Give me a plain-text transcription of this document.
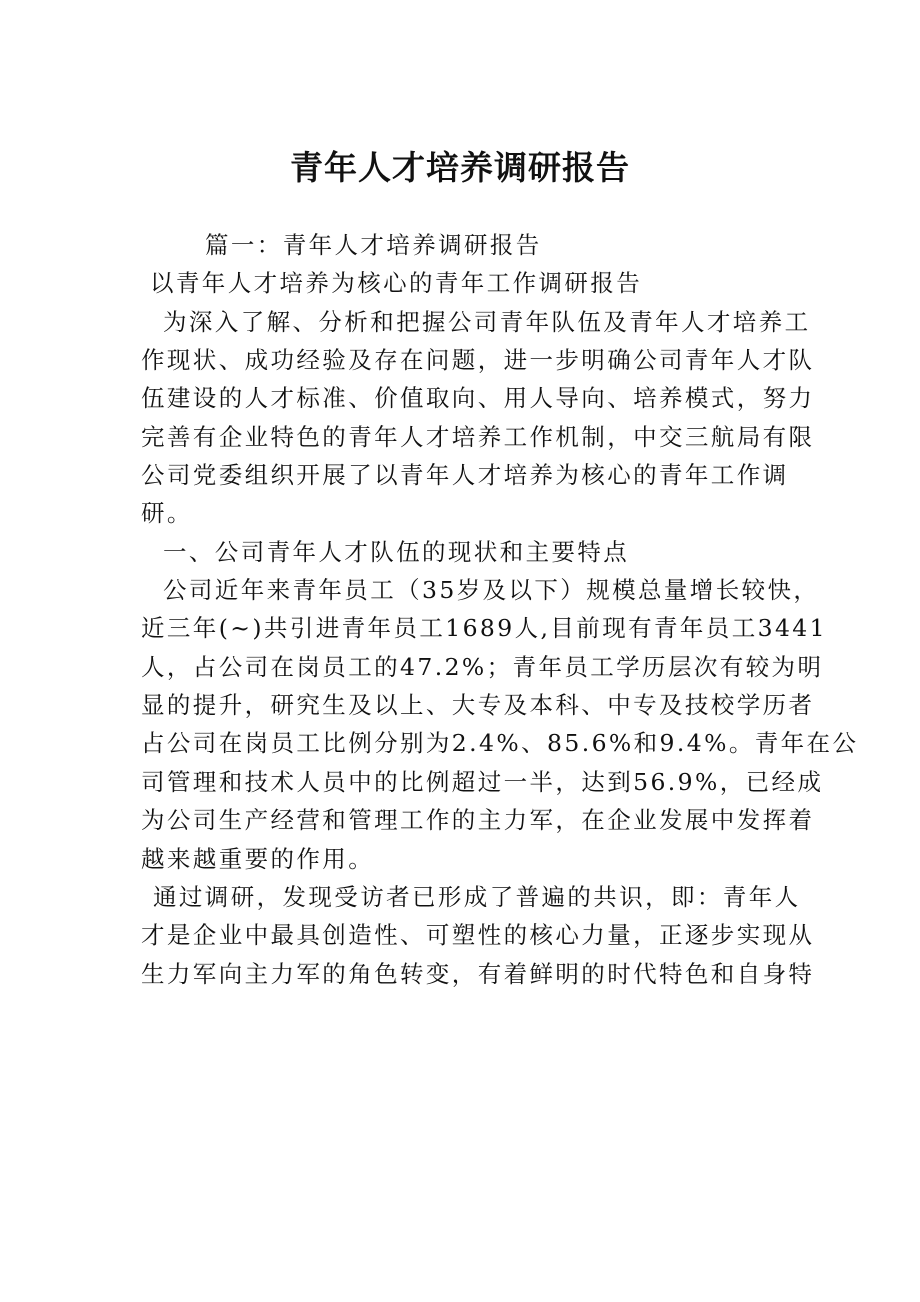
青年人才培养调研报告

篇一：青年人才培养调研报告

以青年人才培养为核心的青年工作调研报告

为深入了解、分析和把握公司青年队伍及青年人才培养工
作现状、成功经验及存在问题，进一步明确公司青年人才队
伍建设的人才标准、价值取向、用人导向、培养模式，努力
完善有企业特色的青年人才培养工作机制，中交三航局有限
公司党委组织开展了以青年人才培养为核心的青年工作调
研。

一、公司青年人才队伍的现状和主要特点

公司近年来青年员工（35岁及以下）规模总量增长较快，
近三年(~)共引进青年员工1689人,目前现有青年员工3441
人，占公司在岗员工的47.2%；青年员工学历层次有较为明
显的提升，研究生及以上、大专及本科、中专及技校学历者
占公司在岗员工比例分别为2.4%、85.6%和9.4%。青年在公
司管理和技术人员中的比例超过一半，达到56.9%，已经成
为公司生产经营和管理工作的主力军，在企业发展中发挥着
越来越重要的作用。
通过调研，发现受访者已形成了普遍的共识，即：青年人
才是企业中最具创造性、可塑性的核心力量，正逐步实现从
生力军向主力军的角色转变，有着鲜明的时代特色和自身特
